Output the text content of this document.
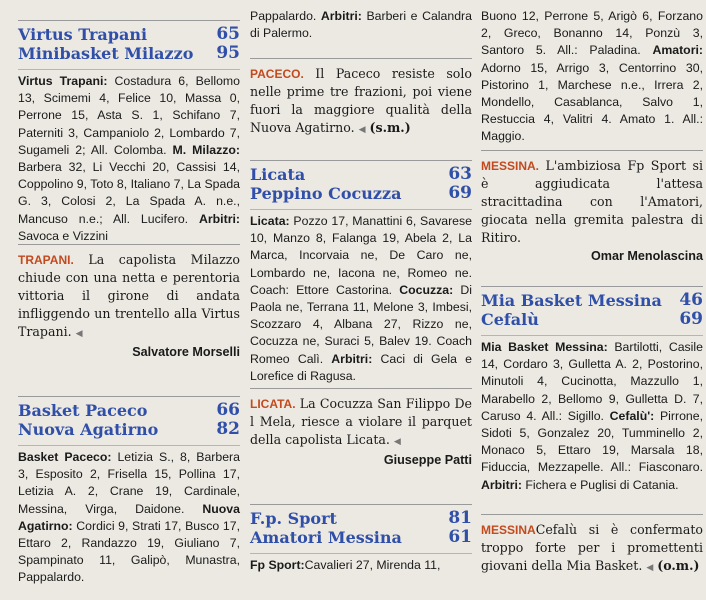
Virtus Trapani	65
Minibasket Milazzo 95
Virtus Trapani: Costadura 6, Bellomo 13, Scimemi 4, Felice 10, Massa 0, Perrone 15, Asta S. 1, Schifano 7, Paterniti 3, Campaniolo 2, Lombardo 7, Sugameli 2; All. Colomba. M. Milazzo: Barbera 32, Li Vecchi 20, Cassisi 14, Coppolino 9, Toto 8, Italiano 7, La Spada G. 3, Colosi 2, La Spada A. n.e., Mancuso n.e.; All. Lucifero. Arbitri: Savoca e Vizzini
TRAPANI. La capolista Milazzo chiude con una netta e perentoria vittoria il girone di andata infliggendo un trentello alla Virtus Trapani. ◀
Salvatore Morselli
Basket Paceco	66
Nuova Agatirno	82
Basket Paceco: Letizia S., 8, Barbera 3, Esposito 2, Frisella 15, Pollina 17, Letizia A. 2, Crane 19, Cardinale, Messina, Virga, Daidone. Nuova Agatirno: Cordici 9, Strati 17, Busco 17, Ettaro 2, Randazzo 19, Giuliano 7, Spampinato 11, Galipò, Munastra, Pappalardo.
Pappalardo. Arbitri: Barberi e Calandra di Palermo.
PACECO. Il Paceco resiste solo nelle prime tre frazioni, poi viene fuori la maggiore qualità della Nuova Agatirno. ◀ (s.m.)
Licata	63
Peppino Cocuzza	69
Licata: Pozzo 17, Manattini 6, Savarese 10, Manzo 8, Falanga 19, Abela 2, La Marca, Incorvaia ne, De Caro ne, Lombardo ne, Iacona ne, Romeo ne. Coach: Ettore Castorina. Cocuzza: Di Paola ne, Terrana 11, Melone 3, Imbesi, Scozzaro 4, Albana 27, Rizzo ne, Cocuzza ne, Suraci 5, Balev 19. Coach Romeo Calì. Arbitri: Caci di Gela e Lorefice di Ragusa.
LICATA. La Cocuzza San Filippo De l Mela, riesce a violare il parquet della capolista Licata. ◀
Giuseppe Patti
F.p. Sport	81
Amatori Messina	61
Fp Sport:Cavalieri 27, Mirenda 11,
Buono 12, Perrone 5, Arigò 6, Forzano 2, Greco, Bonanno 14, Ponzù 3, Santoro 5. All.: Paladina. Amatori: Adorno 15, Arrigo 3, Centorrino 30, Pistorino 1, Marchese n.e., Irrera 2, Mondello, Casablanca, Salvo 1, Restuccia 4, Valitri 4. Amato 1. All.: Maggio.
MESSINA. L'ambiziosa Fp Sport si è aggiudicata l'attesa stracittadina con l'Amatori, giocata nella gremita palestra di Ritiro.
Omar Menolascina
Mia Basket Messina 46
Cefalù	69
Mia Basket Messina: Bartilotti, Casile 14, Cordaro 3, Gulletta A. 2, Postorino, Minutoli 4, Cucinotta, Mazzullo 1, Marabello 2, Bellomo 9, Gulletta D. 7, Caruso 4. All.: Sigillo. Cefalù': Pirrone, Sidoti 5, Gonzalez 20, Tumminello 2, Monaco 5, Ettaro 19, Marsala 18, Fiduccia, Mezzapelle. All.: Fiasconaro. Arbitri: Fichera e Puglisi di Catania.
MESSINACefalù si è confermato troppo forte per i promettenti giovani della Mia Basket. ◀ (o.m.)
